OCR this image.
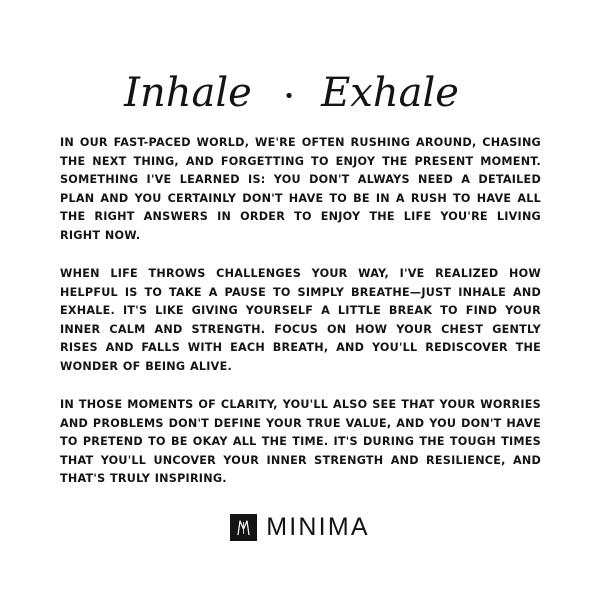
Inhale • Exhale

IN OUR FAST-PACED WORLD, WE'RE OFTEN RUSHING AROUND, CHASING THE NEXT THING, AND FORGETTING TO ENJOY THE PRESENT MOMENT. SOMETHING I'VE LEARNED IS: YOU DON'T ALWAYS NEED A DETAILED PLAN AND YOU CERTAINLY DON'T HAVE TO BE IN A RUSH TO HAVE ALL THE RIGHT ANSWERS IN ORDER TO ENJOY THE LIFE YOU'RE LIVING RIGHT NOW.

WHEN LIFE THROWS CHALLENGES YOUR WAY, I'VE REALIZED HOW HELPFUL IS TO TAKE A PAUSE TO SIMPLY BREATHE—JUST INHALE AND EXHALE. IT'S LIKE GIVING YOURSELF A LITTLE BREAK TO FIND YOUR INNER CALM AND STRENGTH. FOCUS ON HOW YOUR CHEST GENTLY RISES AND FALLS WITH EACH BREATH, AND YOU'LL REDISCOVER THE WONDER OF BEING ALIVE.

IN THOSE MOMENTS OF CLARITY, YOU'LL ALSO SEE THAT YOUR WORRIES AND PROBLEMS DON'T DEFINE YOUR TRUE VALUE, AND YOU DON'T HAVE TO PRETEND TO BE OKAY ALL THE TIME. IT'S DURING THE TOUGH TIMES THAT YOU'LL UNCOVER YOUR INNER STRENGTH AND RESILIENCE, AND THAT'S TRULY INSPIRING.

MINIMA
